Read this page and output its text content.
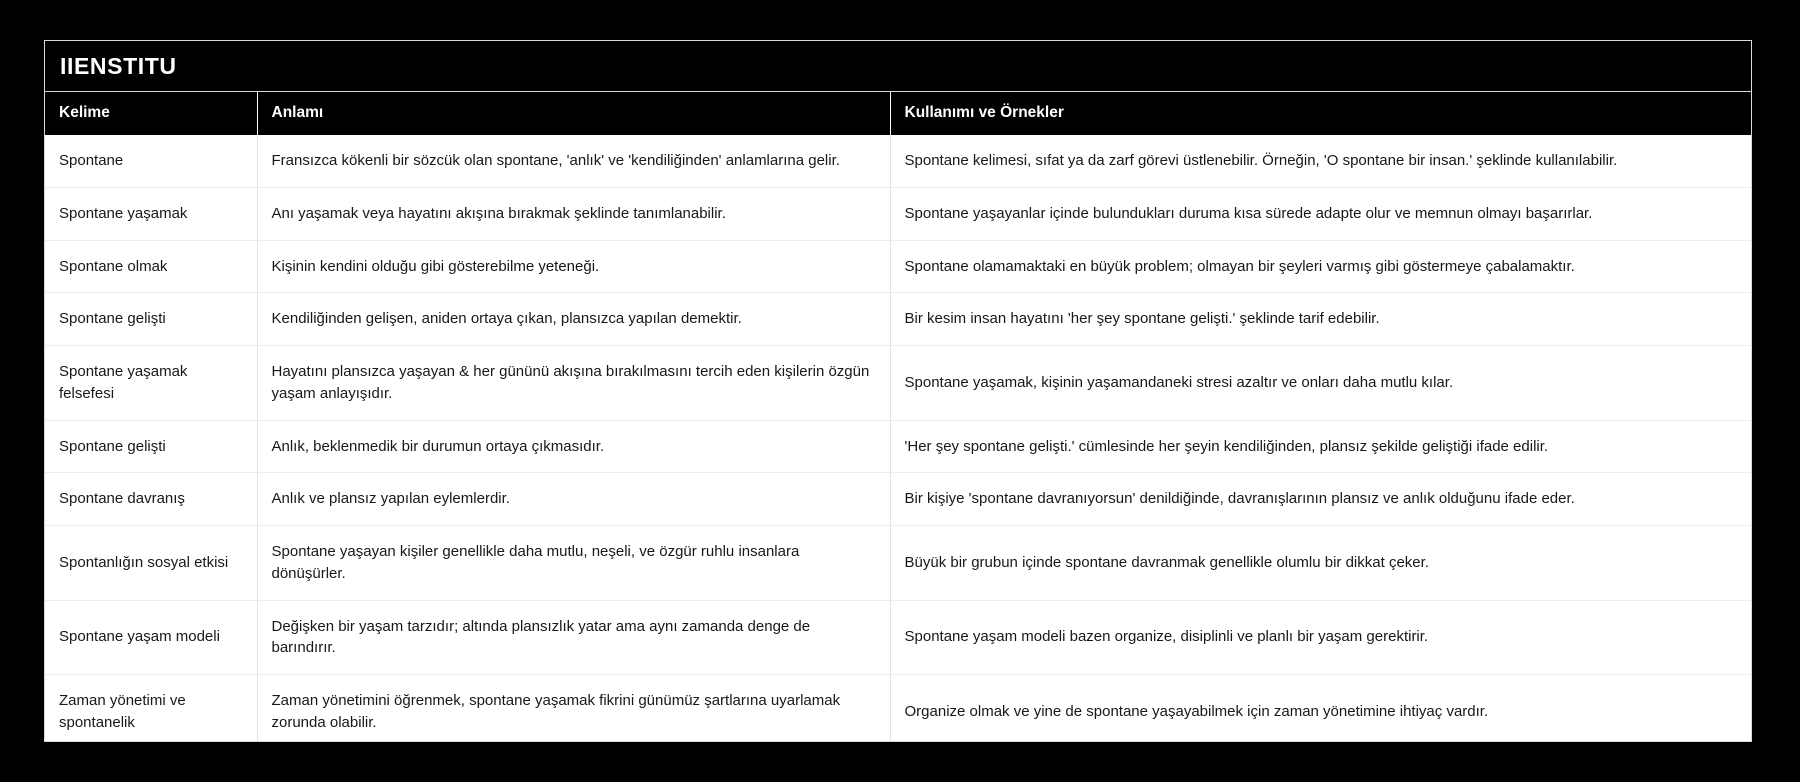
IIENSTITU
Kelime	Anlamı	Kullanımı ve Örnekler
Spontane	Fransızca kökenli bir sözcük olan spontane, 'anlık' ve 'kendiliğinden' anlamlarına gelir.	Spontane kelimesi, sıfat ya da zarf görevi üstlenebilir. Örneğin, 'O spontane bir insan.' şeklinde kullanılabilir.
Spontane yaşamak	Anı yaşamak veya hayatını akışına bırakmak şeklinde tanımlanabilir.	Spontane yaşayanlar içinde bulundukları duruma kısa sürede adapte olur ve memnun olmayı başarırlar.
Spontane olmak	Kişinin kendini olduğu gibi gösterebilme yeteneği.	Spontane olamamaktaki en büyük problem; olmayan bir şeyleri varmış gibi göstermeye çabalamaktır.
Spontane gelişti	Kendiliğinden gelişen, aniden ortaya çıkan, plansızca yapılan demektir.	Bir kesim insan hayatını 'her şey spontane gelişti.' şeklinde tarif edebilir.
Spontane yaşamak felsefesi	Hayatını plansızca yaşayan & her gününü akışına bırakılmasını tercih eden kişilerin özgün yaşam anlayışıdır.	Spontane yaşamak, kişinin yaşamandaneki stresi azaltır ve onları daha mutlu kılar.
Spontane gelişti	Anlık, beklenmedik bir durumun ortaya çıkmasıdır.	'Her şey spontane gelişti.' cümlesinde her şeyin kendiliğinden, plansız şekilde geliştiği ifade edilir.
Spontane davranış	Anlık ve plansız yapılan eylemlerdir.	Bir kişiye 'spontane davranıyorsun' denildiğinde, davranışlarının plansız ve anlık olduğunu ifade eder.
Spontanlığın sosyal etkisi	Spontane yaşayan kişiler genellikle daha mutlu, neşeli, ve özgür ruhlu insanlara dönüşürler.	Büyük bir grubun içinde spontane davranmak genellikle olumlu bir dikkat çeker.
Spontane yaşam modeli	Değişken bir yaşam tarzıdır; altında plansızlık yatar ama aynı zamanda denge de barındırır.	Spontane yaşam modeli bazen organize, disiplinli ve planlı bir yaşam gerektirir.
Zaman yönetimi ve spontanelik	Zaman yönetimini öğrenmek, spontane yaşamak fikrini günümüz şartlarına uyarlamak zorunda olabilir.	Organize olmak ve yine de spontane yaşayabilmek için zaman yönetimine ihtiyaç vardır.
